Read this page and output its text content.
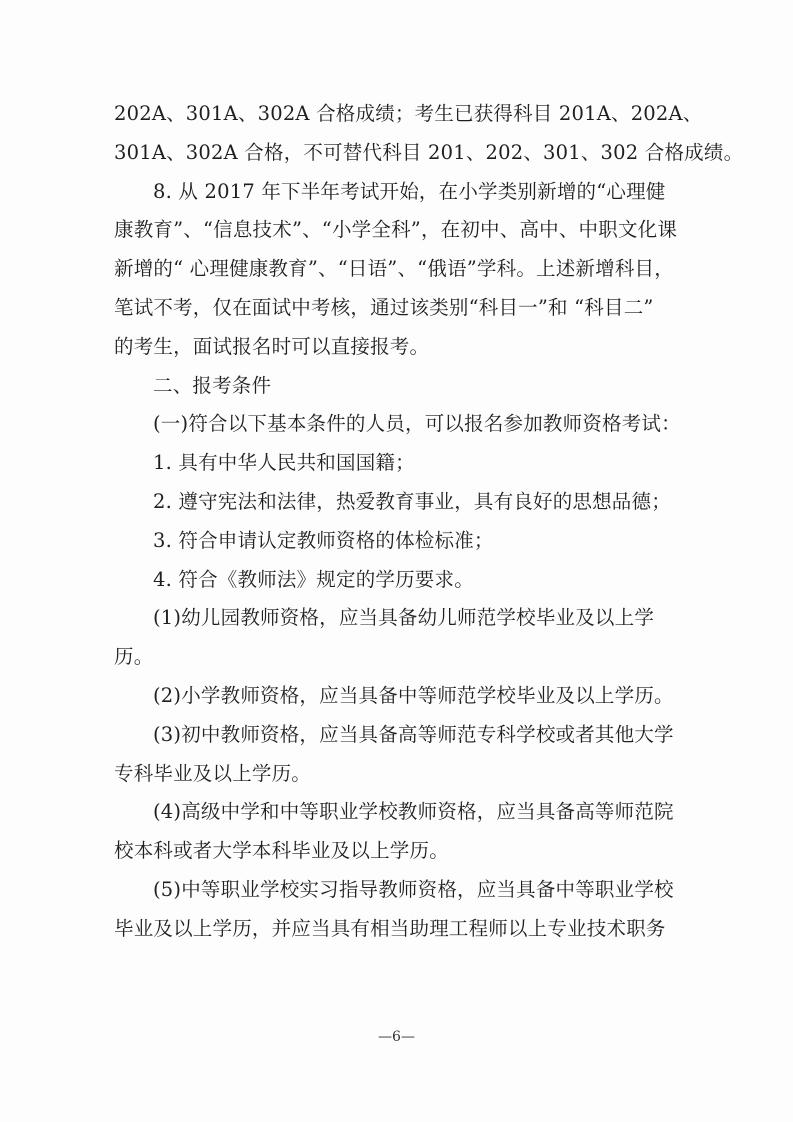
202A、301A、302A 合格成绩；考生已获得科目 201A、202A、
301A、302A 合格，不可替代科目 201、202、301、302 合格成绩。
8. 从 2017 年下半年考试开始，在小学类别新增的“心理健
康教育”、“信息技术”、“小学全科”，在初中、高中、中职文化课
新增的“ 心理健康教育”、“日语”、“俄语”学科。上述新增科目，
笔试不考，仅在面试中考核，通过该类别“科目一”和 “科目二”
的考生，面试报名时可以直接报考。
二、报考条件
(一)符合以下基本条件的人员，可以报名参加教师资格考试：
1. 具有中华人民共和国国籍；
2. 遵守宪法和法律，热爱教育事业，具有良好的思想品德；
3. 符合申请认定教师资格的体检标准；
4. 符合《教师法》规定的学历要求。
(1)幼儿园教师资格，应当具备幼儿师范学校毕业及以上学
历。
(2)小学教师资格，应当具备中等师范学校毕业及以上学历。
(3)初中教师资格，应当具备高等师范专科学校或者其他大学
专科毕业及以上学历。
(4)高级中学和中等职业学校教师资格，应当具备高等师范院
校本科或者大学本科毕业及以上学历。
(5)中等职业学校实习指导教师资格，应当具备中等职业学校
毕业及以上学历，并应当具有相当助理工程师以上专业技术职务
—6—
